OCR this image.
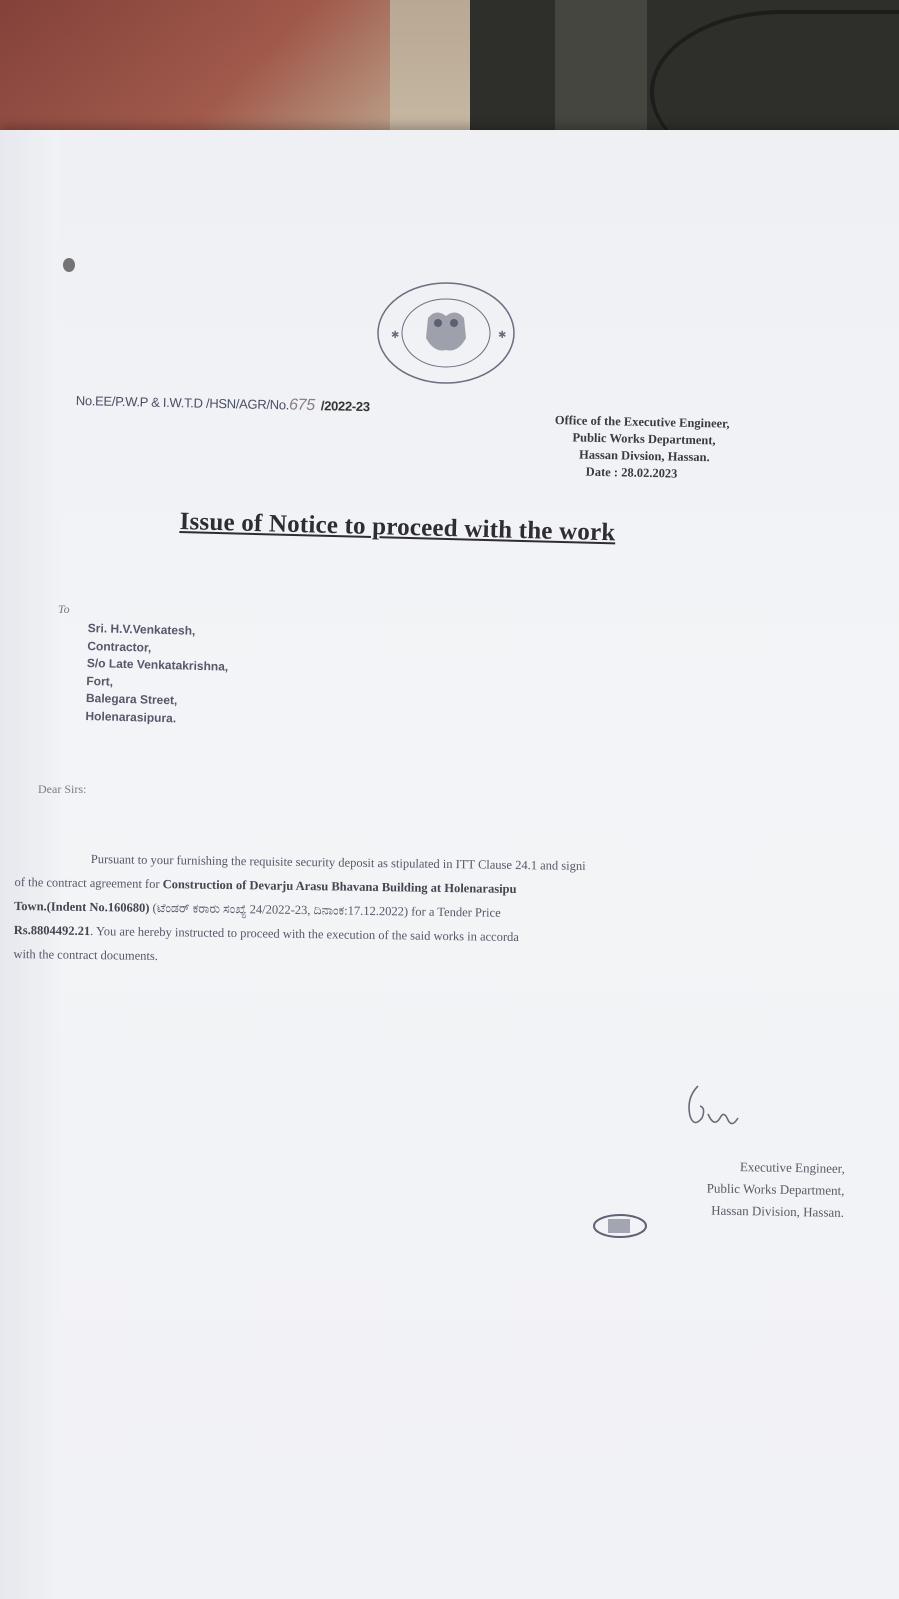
✱	✱
No.EE/P.W.P & I.W.T.D /HSN/AGR/No.675 /2022-23
Office of the Executive Engineer,
Public Works Department,
Hassan Divsion, Hassan.
Date : 28.02.2023
Issue of Notice to proceed with the work
To
Sri. H.V.Venkatesh,
Contractor,
S/o Late Venkatakrishna,
Fort,
Balegara Street,
Holenarasipura.
Dear Sirs:
Pursuant to your furnishing the requisite security deposit as stipulated in ITT Clause 24.1 and signi
of the contract agreement for Construction of Devarju Arasu Bhavana Building at Holenarasipu
Town.(Indent No.160680) (ಟೆಂಡರ್ ಕರಾರು ಸಂಖ್ಯೆ 24/2022-23, ದಿನಾಂಕ:17.12.2022) for a Tender Price
Rs.8804492.21. You are hereby instructed to proceed with the execution of the said works in accorda
with the contract documents.
Executive Engineer,
Public Works Department,
Hassan Division, Hassan.
